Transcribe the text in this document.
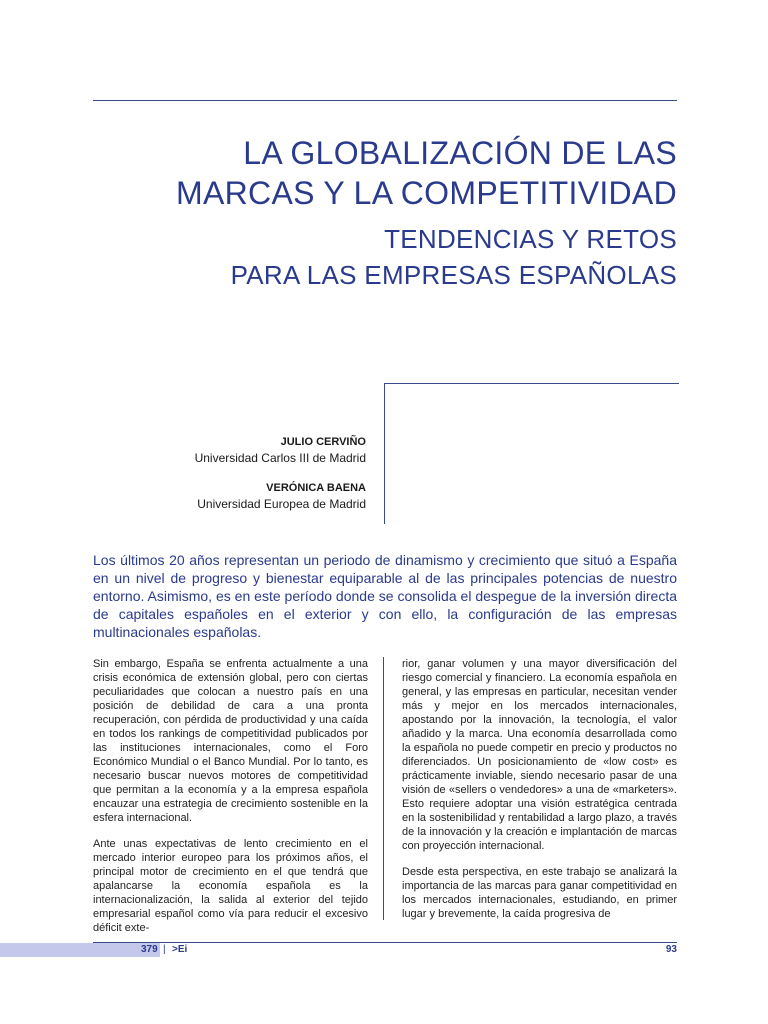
LA GLOBALIZACIÓN DE LAS
MARCAS Y LA COMPETITIVIDAD
TENDENCIAS Y RETOS
PARA LAS EMPRESAS ESPAÑOLAS
JULIO CERVIÑO
Universidad Carlos III de Madrid
VERÓNICA BAENA
Universidad Europea de Madrid
Los últimos 20 años representan un periodo de dinamismo y crecimiento que situó a España en un nivel de progreso y bienestar equiparable al de las principales potencias de nuestro entorno. Asimismo, es en este período donde se consolida el despegue de la inversión directa de capitales españoles en el exterior y con ello, la configuración de las empresas multinacionales españolas.

Sin embargo, España se enfrenta actualmente a una crisis económica de extensión global, pero con ciertas peculiaridades que colocan a nuestro país en una posición de debilidad de cara a una pronta recuperación, con pérdida de productividad y una caída en todos los rankings de competitividad publicados por las instituciones internacionales, como el Foro Económico Mundial o el Banco Mundial. Por lo tanto, es necesario buscar nuevos motores de competitividad que permitan a la economía y a la empresa española encauzar una estrategia de crecimiento sostenible en la esfera internacional.

Ante unas expectativas de lento crecimiento en el mercado interior europeo para los próximos años, el principal motor de crecimiento en el que tendrá que apalancarse la economía española es la internacionalización, la salida al exterior del tejido empresarial español como vía para reducir el excesivo déficit exte-

rior, ganar volumen y una mayor diversificación del riesgo comercial y financiero. La economía española en general, y las empresas en particular, necesitan vender más y mejor en los mercados internacionales, apostando por la innovación, la tecnología, el valor añadido y la marca. Una economía desarrollada como la española no puede competir en precio y productos no diferenciados. Un posicionamiento de «low cost» es prácticamente inviable, siendo necesario pasar de una visión de «sellers o vendedores» a una de «marketers». Esto requiere adoptar una visión estratégica centrada en la sostenibilidad y rentabilidad a largo plazo, a través de la innovación y la creación e implantación de marcas con proyección internacional.

Desde esta perspectiva, en este trabajo se analizará la importancia de las marcas para ganar competitividad en los mercados internacionales, estudiando, en primer lugar y brevemente, la caída progresiva de

379 | >Ei	93
